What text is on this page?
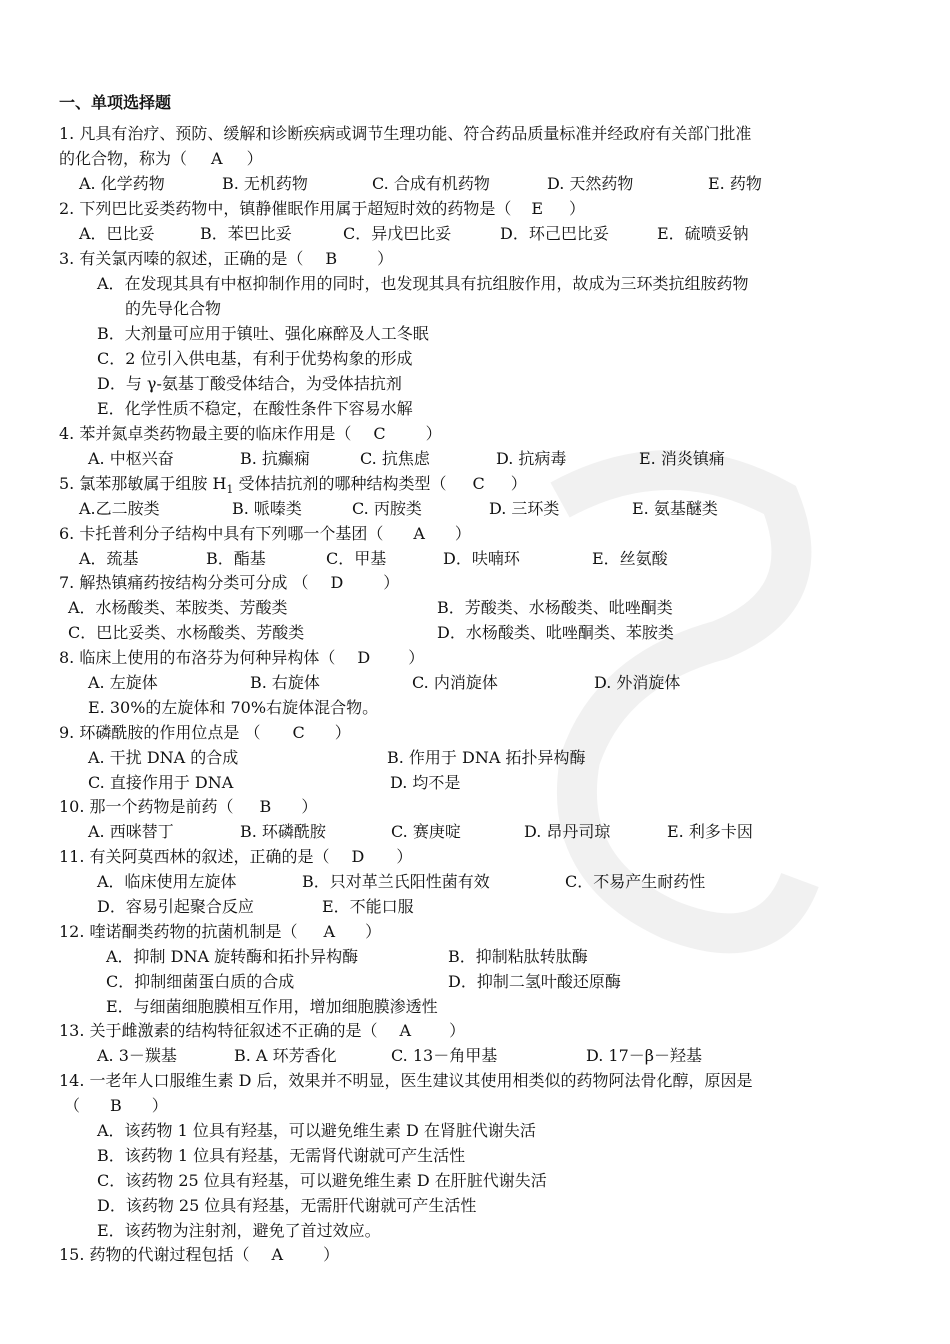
一、单项选择题
1. 凡具有治疗、预防、缓解和诊断疾病或调节生理功能、符合药品质量标准并经政府有关部门批准
的化合物，称为（ A ）
A. 化学药物	B. 无机药物	C. 合成有机药物	D. 天然药物	E. 药物
2. 下列巴比妥类药物中，镇静催眠作用属于超短时效的药物是（ E ）
A．巴比妥	B．苯巴比妥	C．异戊巴比妥	D．环己巴比妥	E．硫喷妥钠
3. 有关氯丙嗪的叙述，正确的是（ B	）
A．在发现其具有中枢抑制作用的同时，也发现其具有抗组胺作用，故成为三环类抗组胺药物
的先导化合物
B．大剂量可应用于镇吐、强化麻醉及人工冬眠
C．2 位引入供电基，有利于优势构象的形成
D．与 γ-氨基丁酸受体结合，为受体拮抗剂
E．化学性质不稳定，在酸性条件下容易水解
4. 苯并氮卓类药物最主要的临床作用是（ C	）
A. 中枢兴奋	B. 抗癫痫	C. 抗焦虑	D. 抗病毒	E. 消炎镇痛
5. 氯苯那敏属于组胺 $H_1$ 受体拮抗剂的哪种结构类型（ C ）
A.乙二胺类	B. 哌嗪类	C. 丙胺类	D. 三环类	E. 氨基醚类
6. 卡托普利分子结构中具有下列哪一个基团（ A ）
A．巯基	B．酯基	C．甲基	D．呋喃环	E．丝氨酸
7. 解热镇痛药按结构分类可分成 （ D	）
A．水杨酸类、苯胺类、芳酸类	B．芳酸类、水杨酸类、吡唑酮类
C．巴比妥类、水杨酸类、芳酸类	D．水杨酸类、吡唑酮类、苯胺类
8. 临床上使用的布洛芬为何种异构体（ D ）
A. 左旋体	B. 右旋体	C. 内消旋体	D. 外消旋体
E. 30%的左旋体和 70%右旋体混合物。
9. 环磷酰胺的作用位点是 （ C ）
A. 干扰 DNA 的合成	B. 作用于 DNA 拓扑异构酶
C. 直接作用于 DNA	D. 均不是
10. 那一个药物是前药（ B ）
A. 西咪替丁	B. 环磷酰胺	C. 赛庚啶	D. 昂丹司琼	E. 利多卡因
11. 有关阿莫西林的叙述，正确的是（ D ）
A．临床使用左旋体	B．只对革兰氏阳性菌有效	C．不易产生耐药性
D．容易引起聚合反应	E．不能口服
12. 喹诺酮类药物的抗菌机制是（ A ）
A．抑制 DNA 旋转酶和拓扑异构酶	B．抑制粘肽转肽酶
C．抑制细菌蛋白质的合成	D．抑制二氢叶酸还原酶
E．与细菌细胞膜相互作用，增加细胞膜渗透性
13. 关于雌激素的结构特征叙述不正确的是（ A ）
A. 3－羰基	B. A 环芳香化	C. 13－角甲基	D. 17－β－羟基
14. 一老年人口服维生素 D 后，效果并不明显，医生建议其使用相类似的药物阿法骨化醇，原因是
（ B ）
A．该药物 1 位具有羟基，可以避免维生素 D 在肾脏代谢失活
B．该药物 1 位具有羟基，无需肾代谢就可产生活性
C．该药物 25 位具有羟基，可以避免维生素 D 在肝脏代谢失活
D．该药物 25 位具有羟基，无需肝代谢就可产生活性
E．该药物为注射剂，避免了首过效应。
15. 药物的代谢过程包括（ A	）
